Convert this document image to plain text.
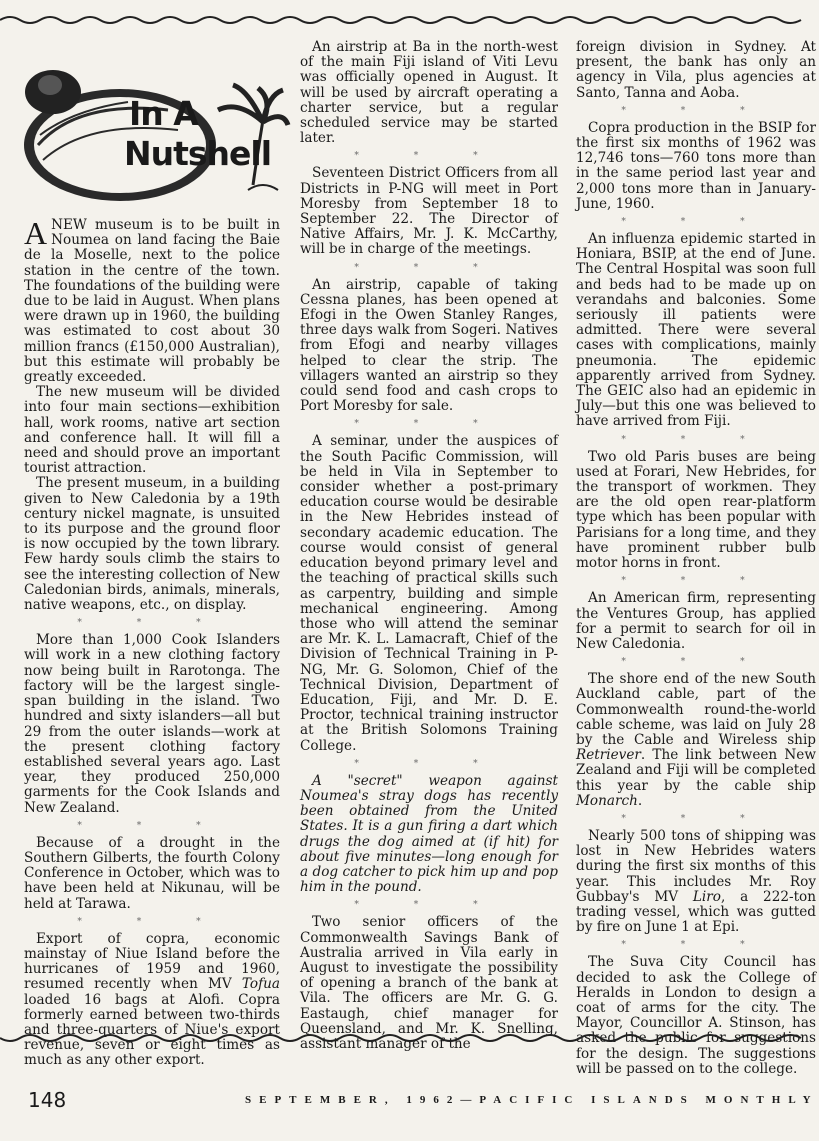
In A
Nutshell

ANEW museum is to be built in Noumea on land facing the Baie de la Moselle, next to the police station in the centre of the town. The foundations of the building were due to be laid in August. When plans were drawn up in 1960, the building was estimated to cost about 30 million francs (£150,000 Australian), but this estimate will probably be greatly exceeded.

The new museum will be divided into four main sections—exhibition hall, work rooms, native art section and conference hall. It will fill a need and should prove an important tourist attraction.

The present museum, in a building given to New Caledonia by a 19th century nickel magnate, is unsuited to its purpose and the ground floor is now occupied by the town library. Few hardy souls climb the stairs to see the interesting collection of New Caledonian birds, animals, minerals, native weapons, etc., on display.

* * *

More than 1,000 Cook Islanders will work in a new clothing factory now being built in Rarotonga. The factory will be the largest single-span building in the island. Two hundred and sixty islanders—all but 29 from the outer islands—work at the present clothing factory established several years ago. Last year, they produced 250,000 garments for the Cook Islands and New Zealand.

* * *

Because of a drought in the Southern Gilberts, the fourth Colony Conference in October, which was to have been held at Nikunau, will be held at Tarawa.

* * *

Export of copra, economic mainstay of Niue Island before the hurricanes of 1959 and 1960, resumed recently when MV Tofua loaded 16 bags at Alofi. Copra formerly earned between two-thirds and three-quarters of Niue's export revenue, seven or eight times as much as any other export.

An airstrip at Ba in the north-west of the main Fiji island of Viti Levu was officially opened in August. It will be used by aircraft operating a charter service, but a regular scheduled service may be started later.

* * *

Seventeen District Officers from all Districts in P-NG will meet in Port Moresby from September 18 to September 22. The Director of Native Affairs, Mr. J. K. McCarthy, will be in charge of the meetings.

* * *

An airstrip, capable of taking Cessna planes, has been opened at Efogi in the Owen Stanley Ranges, three days walk from Sogeri. Natives from Efogi and nearby villages helped to clear the strip. The villagers wanted an airstrip so they could send food and cash crops to Port Moresby for sale.

* * *

A seminar, under the auspices of the South Pacific Commission, will be held in Vila in September to consider whether a post-primary education course would be desirable in the New Hebrides instead of secondary academic education. The course would consist of general education beyond primary level and the teaching of practical skills such as carpentry, building and simple mechanical engineering. Among those who will attend the seminar are Mr. K. L. Lamacraft, Chief of the Division of Technical Training in P-NG, Mr. G. Solomon, Chief of the Technical Division, Department of Education, Fiji, and Mr. D. E. Proctor, technical training instructor at the British Solomons Training College.

* * *

A "secret" weapon against Noumea's stray dogs has recently been obtained from the United States. It is a gun firing a dart which drugs the dog aimed at (if hit) for about five minutes—long enough for a dog catcher to pick him up and pop him in the pound.

* * *

Two senior officers of the Commonwealth Savings Bank of Australia arrived in Vila early in August to investigate the possibility of opening a branch of the bank at Vila. The officers are Mr. G. G. Eastaugh, chief manager for Queensland, and Mr. K. Snelling, assistant manager of the

foreign division in Sydney. At present, the bank has only an agency in Vila, plus agencies at Santo, Tanna and Aoba.

* * *

Copra production in the BSIP for the first six months of 1962 was 12,746 tons—760 tons more than in the same period last year and 2,000 tons more than in January-June, 1960.

* * *

An influenza epidemic started in Honiara, BSIP, at the end of June. The Central Hospital was soon full and beds had to be made up on verandahs and balconies. Some seriously ill patients were admitted. There were several cases with complications, mainly pneumonia. The epidemic apparently arrived from Sydney. The GEIC also had an epidemic in July—but this one was believed to have arrived from Fiji.

* * *

Two old Paris buses are being used at Forari, New Hebrides, for the transport of workmen. They are the old open rear-platform type which has been popular with Parisians for a long time, and they have prominent rubber bulb motor horns in front.

* * *

An American firm, representing the Ventures Group, has applied for a permit to search for oil in New Caledonia.

* * *

The shore end of the new South Auckland cable, part of the Commonwealth round-the-world cable scheme, was laid on July 28 by the Cable and Wireless ship Retriever. The link between New Zealand and Fiji will be completed this year by the cable ship Monarch.

* * *

Nearly 500 tons of shipping was lost in New Hebrides waters during the first six months of this year. This includes Mr. Roy Gubbay's MV Liro, a 222-ton trading vessel, which was gutted by fire on June 1 at Epi.

* * *

The Suva City Council has decided to ask the College of Heralds in London to design a coat of arms for the city. The Mayor, Councillor A. Stinson, has asked the public for suggestions for the design. The suggestions will be passed on to the college.

148	SEPTEMBER, 1962—PACIFIC ISLANDS MONTHLY
